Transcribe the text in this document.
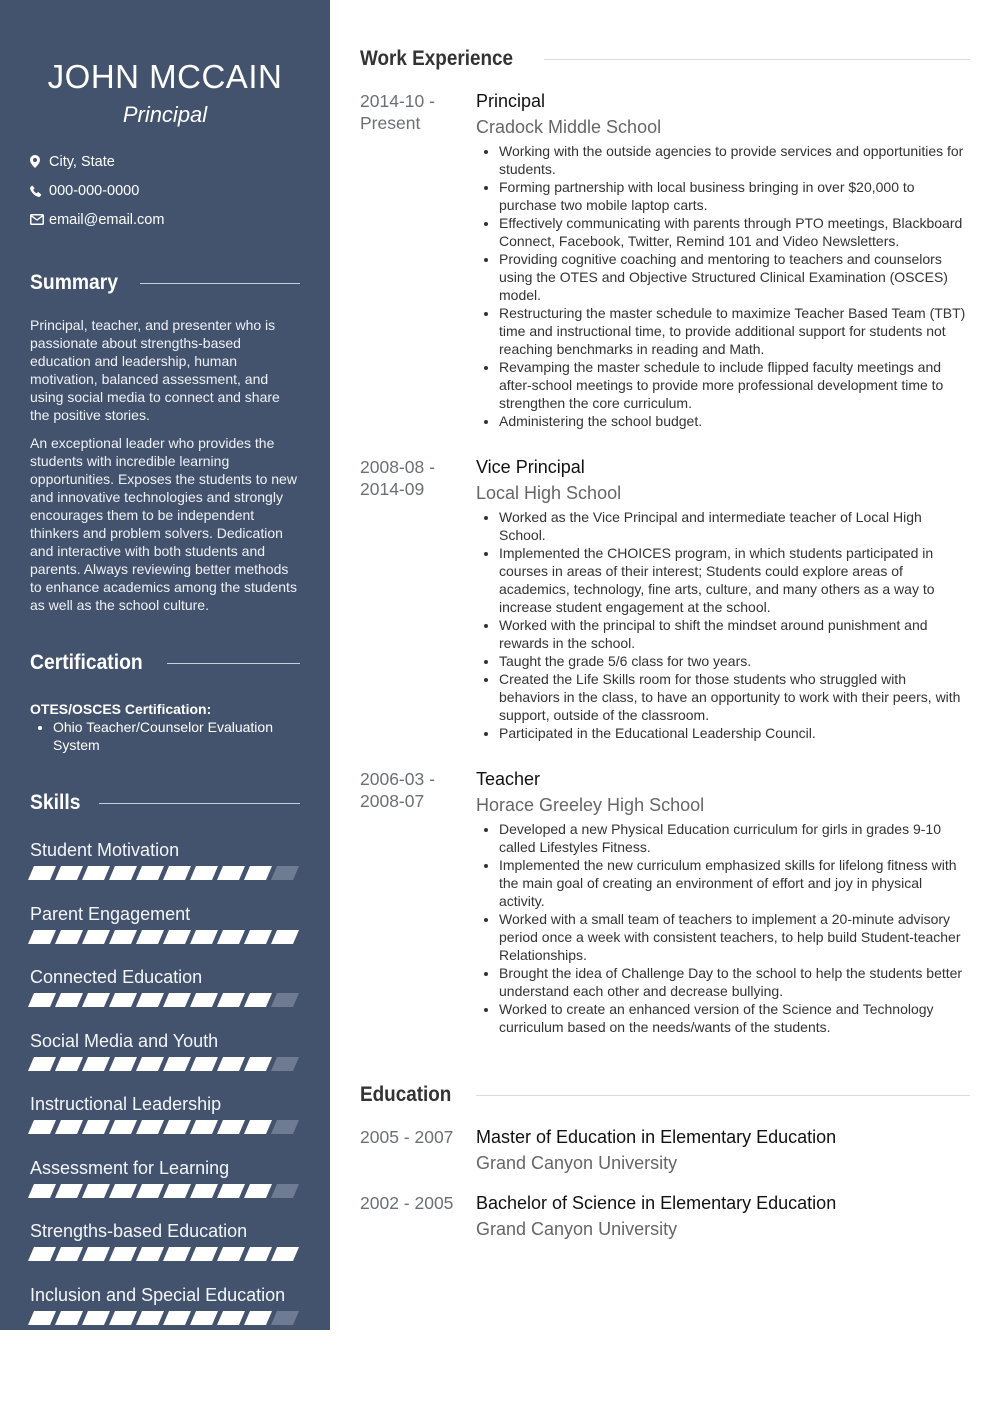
JOHN MCCAIN
Principal
City, State
000-000-0000
email@email.com
Summary

Principal, teacher, and presenter who is passionate about strengths-based education and leadership, human motivation, balanced assessment, and using social media to connect and share the positive stories.

An exceptional leader who provides the students with incredible learning opportunities. Exposes the students to new and innovative technologies and strongly encourages them to be independent thinkers and problem solvers. Dedication and interactive with both students and parents. Always reviewing better methods to enhance academics among the students as well as the school culture.

Certification
OTES/OSCES Certification:
• Ohio Teacher/Counselor Evaluation System
Skills
Student Motivation
Parent Engagement
Connected Education
Social Media and Youth
Instructional Leadership
Assessment for Learning
Strengths-based Education
Inclusion and Special Education
Work Experience
2014-10 -
Present
Principal
Cradock Middle School
• Working with the outside agencies to provide services and opportunities for students.
• Forming partnership with local business bringing in over $20,000 to purchase two mobile laptop carts.
• Effectively communicating with parents through PTO meetings, Blackboard Connect, Facebook, Twitter, Remind 101 and Video Newsletters.
• Providing cognitive coaching and mentoring to teachers and counselors using the OTES and Objective Structured Clinical Examination (OSCES) model.
• Restructuring the master schedule to maximize Teacher Based Team (TBT) time and instructional time, to provide additional support for students not reaching benchmarks in reading and Math.
• Revamping the master schedule to include flipped faculty meetings and after-school meetings to provide more professional development time to strengthen the core curriculum.
• Administering the school budget.
2008-08 -
2014-09
Vice Principal
Local High School
• Worked as the Vice Principal and intermediate teacher of Local High School.
• Implemented the CHOICES program, in which students participated in courses in areas of their interest; Students could explore areas of academics, technology, fine arts, culture, and many others as a way to increase student engagement at the school.
• Worked with the principal to shift the mindset around punishment and rewards in the school.
• Taught the grade 5/6 class for two years.
• Created the Life Skills room for those students who struggled with behaviors in the class, to have an opportunity to work with their peers, with support, outside of the classroom.
• Participated in the Educational Leadership Council.
2006-03 -
2008-07
Teacher
Horace Greeley High School
• Developed a new Physical Education curriculum for girls in grades 9-10 called Lifestyles Fitness.
• Implemented the new curriculum emphasized skills for lifelong fitness with the main goal of creating an environment of effort and joy in physical activity.
• Worked with a small team of teachers to implement a 20-minute advisory period once a week with consistent teachers, to help build Student-teacher Relationships.
• Brought the idea of Challenge Day to the school to help the students better understand each other and decrease bullying.
• Worked to create an enhanced version of the Science and Technology curriculum based on the needs/wants of the students.
Education
2005 - 2007	Master of Education in Elementary Education
Grand Canyon University
2002 - 2005	Bachelor of Science in Elementary Education
Grand Canyon University
